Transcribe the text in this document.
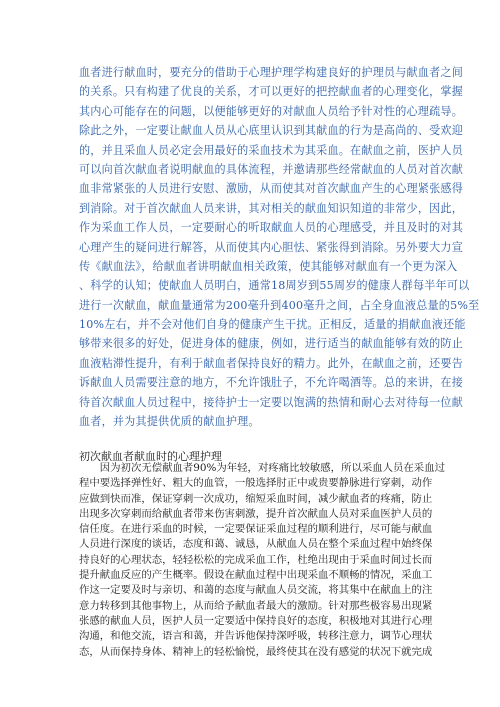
血者进行献血时，要充分的借助于心理护理学构建良好的护理员与献血者之间
的关系。只有构建了优良的关系，才可以更好的把控献血者的心理变化，掌握
其内心可能存在的问题，以便能够更好的对献血人员给予针对性的心理疏导。
除此之外，一定要让献血人员从心底里认识到其献血的行为是高尚的、受欢迎
的，并且采血人员必定会用最好的采血技术为其采血。在献血之前，医护人员
可以向首次献血者说明献血的具体流程，并邀请那些经常献血的人员对首次献
血非常紧张的人员进行安慰、激励，从而使其对首次献血产生的心理紧张感得
到消除。对于首次献血人员来讲，其对相关的献血知识知道的非常少，因此，
作为采血工作人员，一定要耐心的听取献血人员的心理感受，并且及时的对其
心理产生的疑问进行解答，从而使其内心胆怯、紧张得到消除。另外要大力宣
传《献血法》，给献血者讲明献血相关政策，使其能够对献血有一个更为深入
、科学的认知；使献血人员明白，通常18周岁到55周岁的健康人群每半年可以
进行一次献血，献血量通常为200毫升到400毫升之间，占全身血液总量的5%至
10%左右，并不会对他们自身的健康产生干扰。正相反，适量的捐献血液还能
够带来很多的好处，促进身体的健康，例如，进行适当的献血能够有效的防止
血液粘滞性提升，有利于献血者保持良好的精力。此外，在献血之前，还要告
诉献血人员需要注意的地方，不允许饿肚子，不允许喝酒等。总的来讲，在接
待首次献血人员过程中，接待护士一定要以饱满的热情和耐心去对待每一位献
血者，并为其提供优质的献血护理。
初次献血者献血时的心理护理
　　因为初次无偿献血者90%为年轻，对疼痛比较敏感，所以采血人员在采血过
程中要选择弹性好、粗大的血管，一般选择肘正中或贵要静脉进行穿刺，动作
应做到快而准，保证穿刺一次成功，缩短采血时间，减少献血者的疼痛，防止
出现多次穿刺而给献血者带来伤害刺激，提升首次献血人员对采血医护人员的
信任度。在进行采血的时候，一定要保证采血过程的顺利进行，尽可能与献血
人员进行深度的谈话，态度和蔼、诚恳，从献血人员在整个采血过程中始终保
持良好的心理状态，轻轻松松的完成采血工作，杜绝出现由于采血时间过长而
提升献血反应的产生概率。假设在献血过程中出现采血不顺畅的情况，采血工
作这一定要及时与亲切、和蔼的态度与献血人员交流，将其集中在献血上的注
意力转移到其他事物上，从而给予献血者最大的激励。针对那些极容易出现紧
张感的献血人员，医护人员一定要适中保持良好的态度，积极地对其进行心理
沟通，和他交流，语言和蔼，并告诉他保持深呼吸，转移注意力，调节心理状
态，从而保持身体、精神上的轻松愉悦，最终使其在没有感觉的状况下就完成
